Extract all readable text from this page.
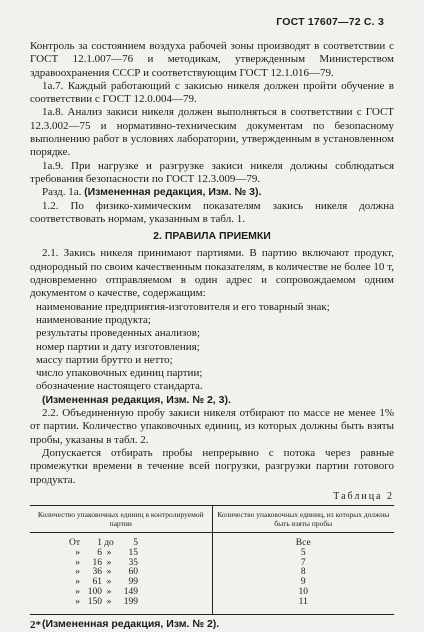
ГОСТ 17607—72 С. 3

Контроль за состоянием воздуха рабочей зоны производят в соответствии с ГОСТ 12.1.007—76 и методикам, утвержденным Министерством здравоохранения СССР и соответствующим ГОСТ 12.1.016—79.

1а.7. Каждый работающий с закисью никеля должен пройти обучение в соответствии с ГОСТ 12.0.004—79.

1а.8. Анализ закиси никеля должен выполняться в соответствии с ГОСТ 12.3.002—75 и нормативно-техническим документам по безопасному выполнению работ в условиях лаборатории, утвержденным в установленном порядке.

1а.9. При нагрузке и разгрузке закиси никеля должны соблюдаться требования безопасности по ГОСТ 12.3.009—79.

Разд. 1а. (Измененная редакция, Изм. № 3).

1.2. По физико-химическим показателям закись никеля должна соответствовать нормам, указанным в табл. 1.

2. ПРАВИЛА ПРИЕМКИ

2.1. Закись никеля принимают партиями. В партию включают продукт, однородный по своим качественным показателям, в количестве не более 10 т, одновременно отправляемом в один адрес и сопровождаемом одним документом о качестве, содержащим:

наименование предприятия-изготовителя и его товарный знак;

наименование продукта;

результаты проведенных анализов;

номер партии и дату изготовления;

массу партии брутто и нетто;

число упаковочных единиц партии;

обозначение настоящего стандарта.

(Измененная редакция, Изм. № 2, 3).

2.2. Объединенную пробу закиси никеля отбирают по массе не менее 1% от партии. Количество упаковочных единиц, из которых должны быть взяты пробы, указаны в табл. 2.

Допускается отбирать пробы непрерывно с потока через равные промежутки времени в течение всей погрузки, разгрузки партии готового продукта.

Таблица 2
Количество упаковочных единиц в контролируемой партии	Количество упаковочных единиц, из которых должны быть взяты пробы
От 1 до 5	Все
» 6 » 15	5
» 16 » 35	7
» 36 » 60	8
» 61 » 99	9
» 100 » 149	10
» 150 » 199	11

(Измененная редакция, Изм. № 2).

2*
